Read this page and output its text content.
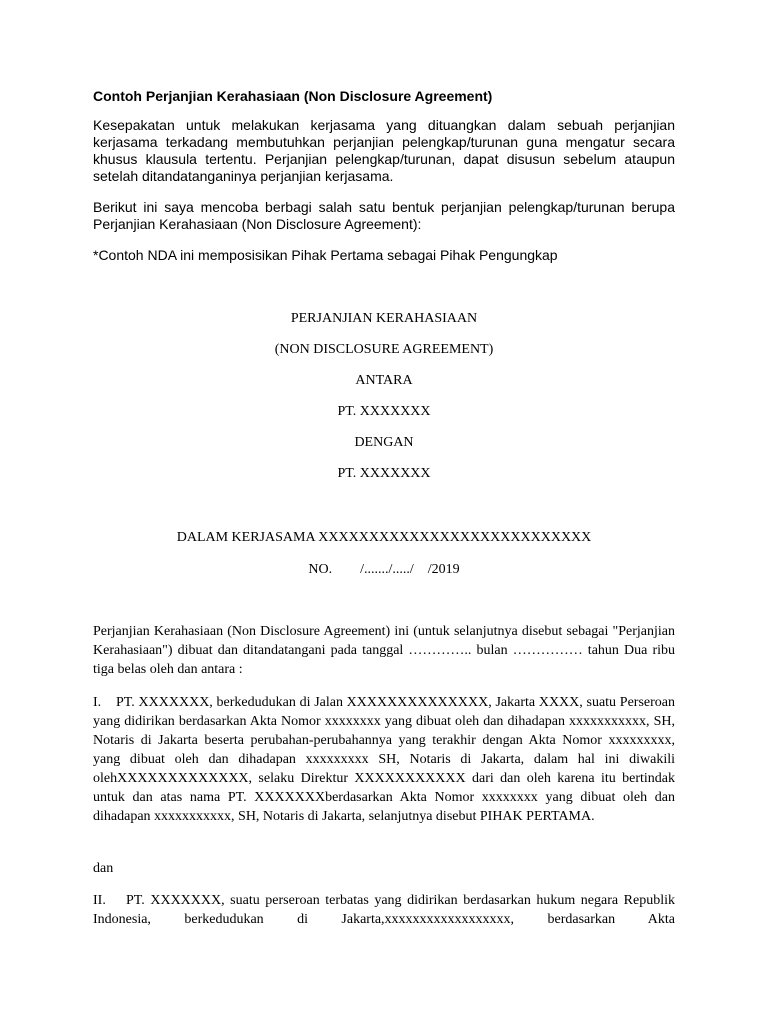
Contoh Perjanjian Kerahasiaan (Non Disclosure Agreement)
Kesepakatan untuk melakukan kerjasama yang dituangkan dalam sebuah perjanjian kerjasama terkadang membutuhkan perjanjian pelengkap/turunan guna mengatur secara khusus klausula tertentu. Perjanjian pelengkap/turunan, dapat disusun sebelum ataupun setelah ditandatanganinya perjanjian kerjasama.
Berikut ini saya mencoba berbagi salah satu bentuk perjanjian pelengkap/turunan berupa Perjanjian Kerahasiaan (Non Disclosure Agreement):
*Contoh NDA ini memposisikan Pihak Pertama sebagai Pihak Pengungkap
PERJANJIAN KERAHASIAAN
(NON DISCLOSURE AGREEMENT)
ANTARA
PT. XXXXXXX
DENGAN
PT. XXXXXXX
DALAM KERJASAMA XXXXXXXXXXXXXXXXXXXXXXXXXXX
NO.        /......./...../    /2019
Perjanjian Kerahasiaan (Non Disclosure Agreement) ini (untuk selanjutnya disebut sebagai "Perjanjian Kerahasiaan") dibuat dan ditandatangani pada tanggal ………….. bulan …………… tahun Dua ribu tiga belas oleh dan antara :
I.	PT. XXXXXXX, berkedudukan di Jalan XXXXXXXXXXXXXX, Jakarta XXXX, suatu Perseroan yang didirikan berdasarkan Akta Nomor xxxxxxxx yang dibuat oleh dan dihadapan xxxxxxxxxxx, SH, Notaris di Jakarta beserta perubahan-perubahannya yang terakhir dengan Akta Nomor xxxxxxxxx, yang dibuat oleh dan dihadapan xxxxxxxxx SH, Notaris di Jakarta, dalam hal ini diwakili olehXXXXXXXXXXXXX, selaku Direktur XXXXXXXXXXX dari dan oleh karena itu bertindak untuk dan atas nama PT. XXXXXXXberdasarkan Akta Nomor xxxxxxxx yang dibuat oleh dan dihadapan xxxxxxxxxxx, SH, Notaris di Jakarta, selanjutnya disebut PIHAK PERTAMA.
dan
II.	PT. XXXXXXX, suatu perseroan terbatas yang didirikan berdasarkan hukum negara Republik Indonesia, berkedudukan di Jakarta,xxxxxxxxxxxxxxxxxx, berdasarkan Akta
